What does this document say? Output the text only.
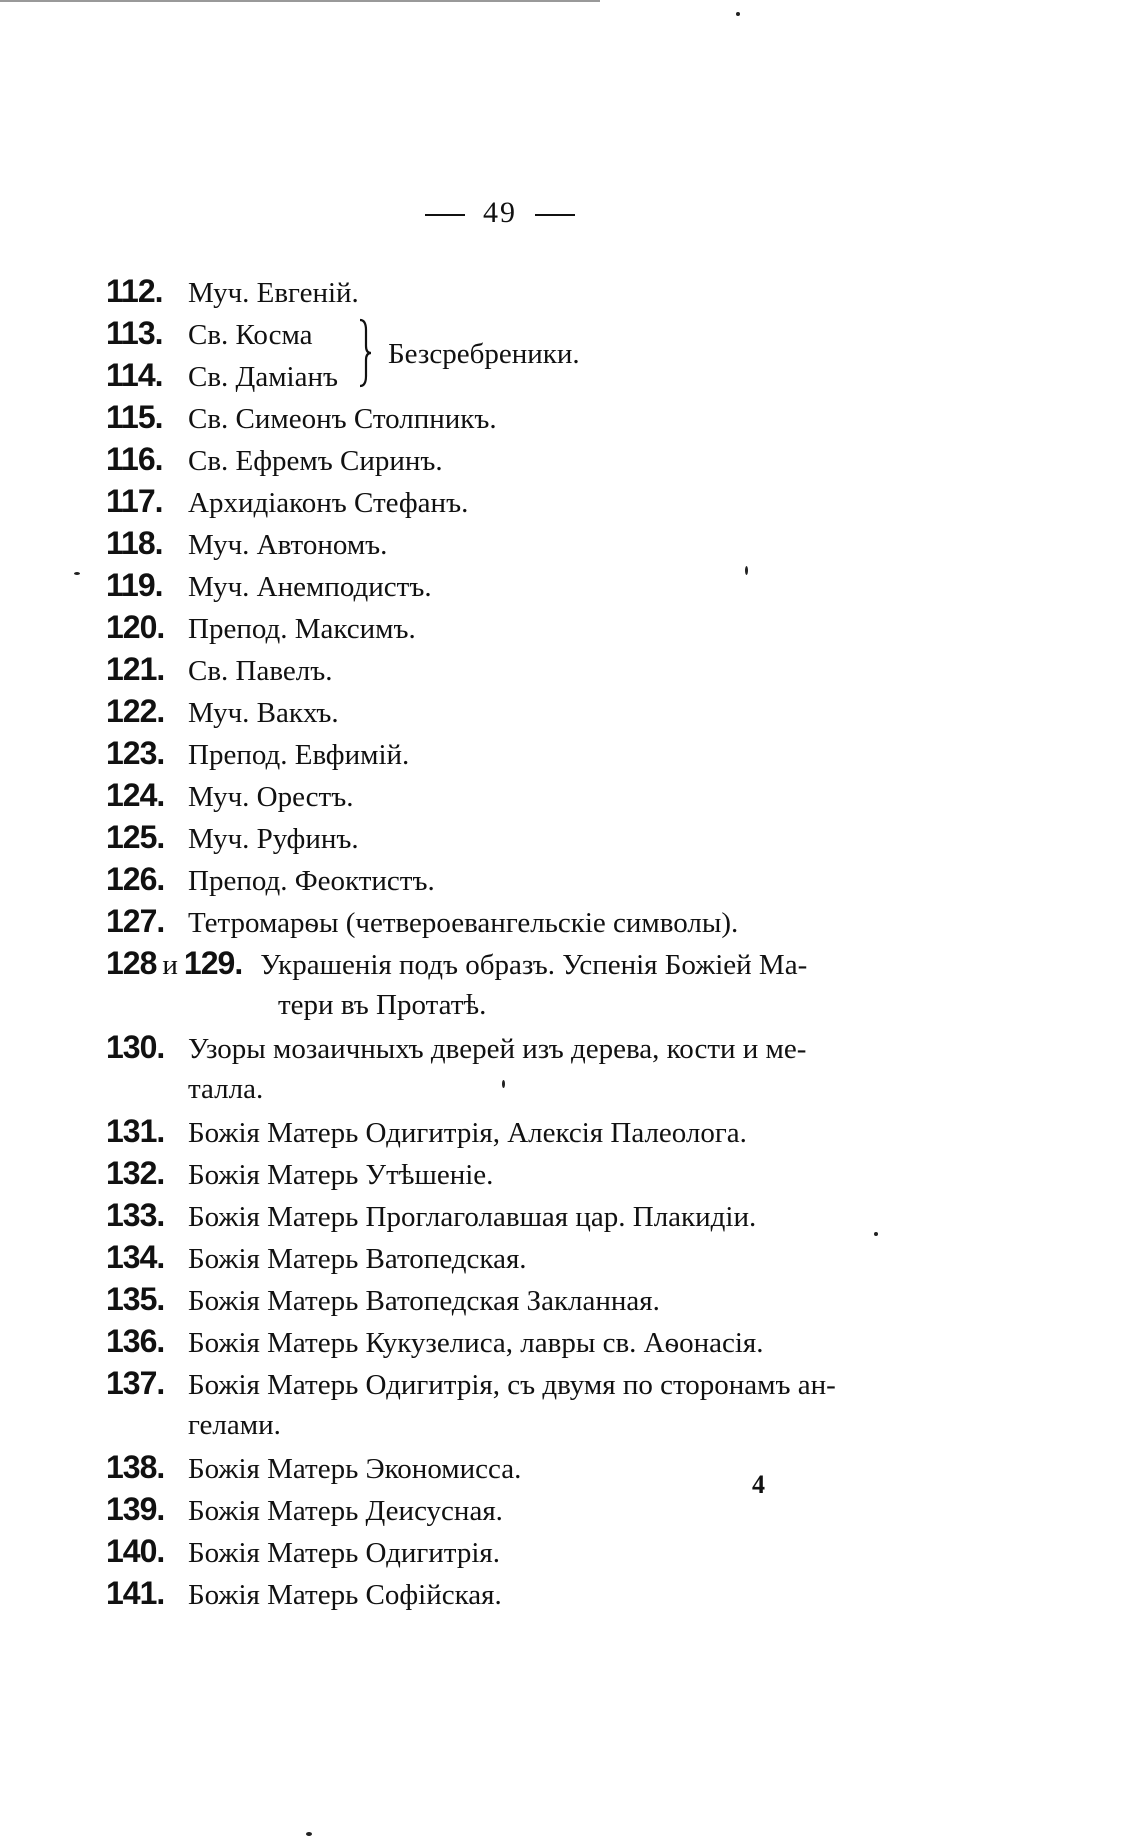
49
112. Муч. Евгеній.
113. Св. Косма
114. Св. Даміанъ
Безсребреники.
115. Св. Симеонъ Столпникъ.
116. Св. Ефремъ Сиринъ.
117. Архидіаконъ Стефанъ.
118. Муч. Автономъ.
119. Муч. Анемподистъ.
120. Препод. Максимъ.
121. Св. Павелъ.
122. Муч. Вакхъ.
123. Препод. Евфимій.
124. Муч. Орестъ.
125. Муч. Руфинъ.
126. Препод. Феоктистъ.
127. Тетромарѳы (четвероевангельскіе символы).
128 и 129. Украшенія подъ образъ. Успенія Божіей Ма-
тери въ Протатѣ.
130. Узоры мозаичныхъ дверей изъ дерева, кости и ме-
талла.
131. Божія Матерь Одигитрія, Алексія Палеолога.
132. Божія Матерь Утѣшеніе.
133. Божія Матерь Проглаголавшая цар. Плакидіи.
134. Божія Матерь Ватопедская.
135. Божія Матерь Ватопедская Закланная.
136. Божія Матерь Кукузелиса, лавры св. Аѳонасія.
137. Божія Матерь Одигитрія, съ двумя по сторонамъ ан-
гелами.
138. Божія Матерь Экономисса.
139. Божія Матерь Деисусная.
140. Божія Матерь Одигитрія.
141. Божія Матерь Софійская.
4
